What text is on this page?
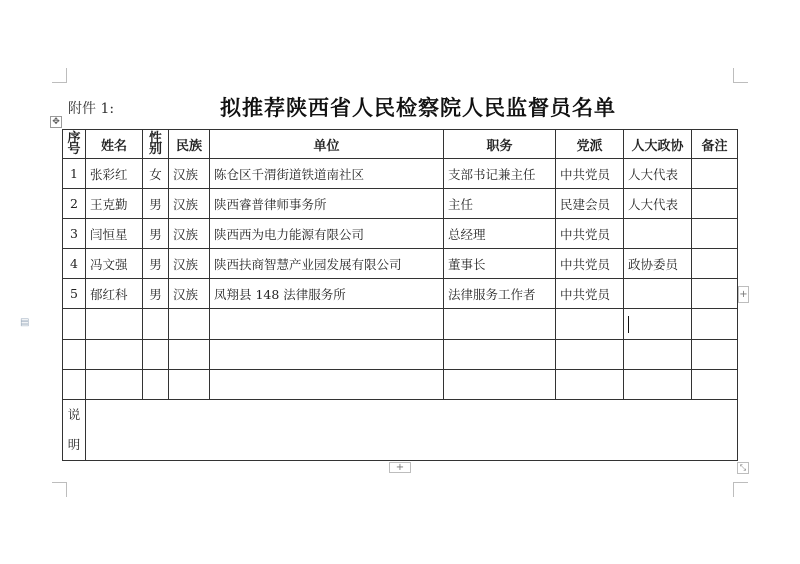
附件 1:	拟推荐陕西省人民检察院人民监督员名单
✥
序号	姓名	性别	民族	单位	职务	党派	人大政协	备注
1	张彩红	女	汉族	陈仓区千渭街道铁道南社区	支部书记兼主任	中共党员	人大代表	
2	王克勤	男	汉族	陕西睿普律师事务所	主任	民建会员	人大代表	
3	闫恒星	男	汉族	陕西西为电力能源有限公司	总经理	中共党员		
4	冯文强	男	汉族	陕西扶商智慧产业园发展有限公司	董事长	中共党员	政协委员	
5	郁红科	男	汉族	凤翔县 148 法律服务所	法律服务工作者	中共党员		

说明								
+
+	⤡
▤
